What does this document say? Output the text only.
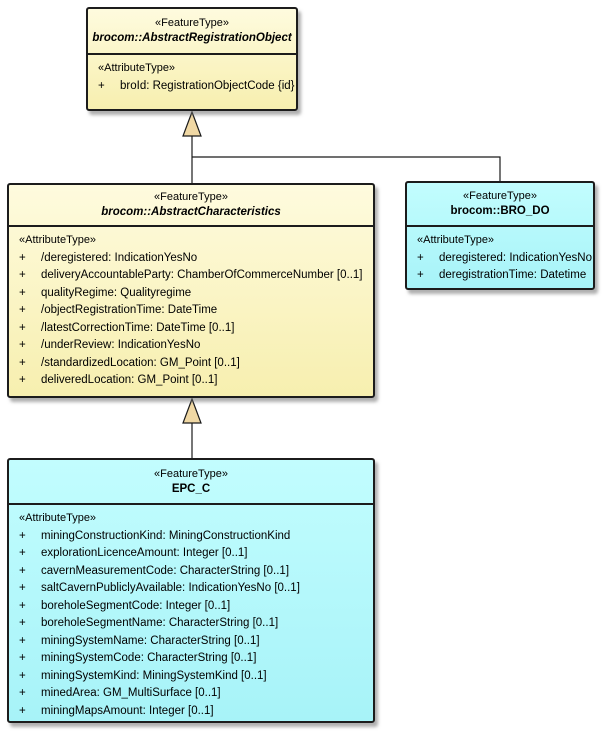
«FeatureType»
brocom::AbstractRegistrationObject
«AttributeType»
+	broId: RegistrationObjectCode {id}
«FeatureType»
brocom::AbstractCharacteristics
«AttributeType»
+	/deregistered: IndicationYesNo
+	deliveryAccountableParty: ChamberOfCommerceNumber [0..1]
+	qualityRegime: Qualityregime
+	/objectRegistrationTime: DateTime
+	/latestCorrectionTime: DateTime [0..1]
+	/underReview: IndicationYesNo
+	/standardizedLocation: GM_Point [0..1]
+	deliveredLocation: GM_Point [0..1]
«FeatureType»
brocom::BRO_DO
«AttributeType»
+	deregistered: IndicationYesNo
+	deregistrationTime: Datetime
«FeatureType»
EPC_C
«AttributeType»
+	miningConstructionKind: MiningConstructionKind
+	explorationLicenceAmount: Integer [0..1]
+	cavernMeasurementCode: CharacterString [0..1]
+	saltCavernPubliclyAvailable: IndicationYesNo [0..1]
+	boreholeSegmentCode: Integer [0..1]
+	boreholeSegmentName: CharacterString [0..1]
+	miningSystemName: CharacterString [0..1]
+	miningSystemCode: CharacterString [0..1]
+	miningSystemKind: MiningSystemKind [0..1]
+	minedArea: GM_MultiSurface [0..1]
+	miningMapsAmount: Integer [0..1]
